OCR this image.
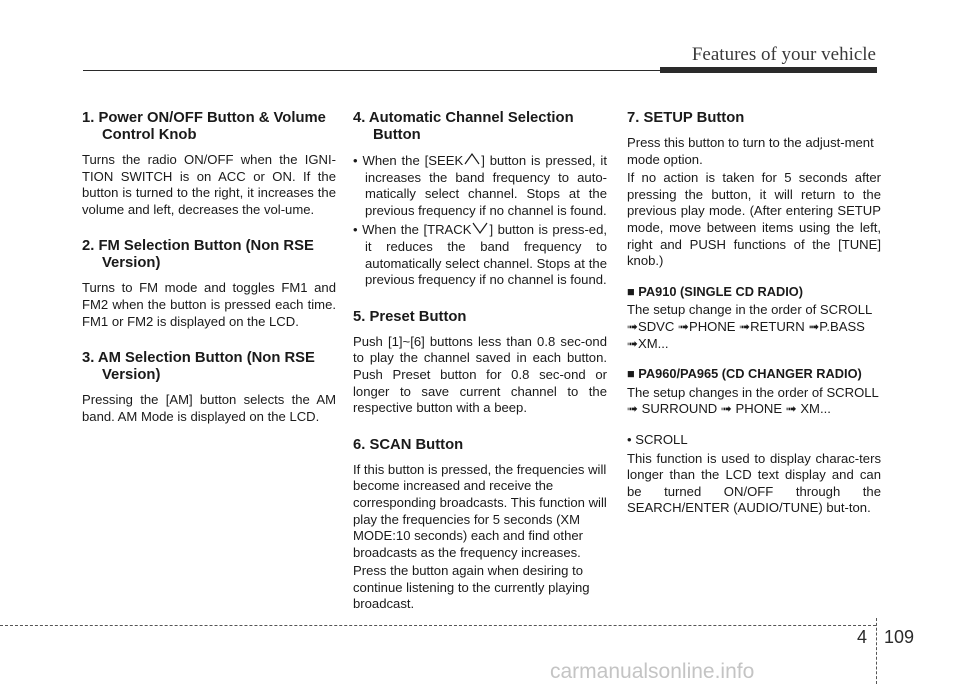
Features of your vehicle
1. Power ON/OFF Button & Volume Control Knob

Turns the radio ON/OFF when the IGNI-TION SWITCH is on ACC or ON. If the button is turned to the right, it increases the volume and left, decreases the vol-ume.

2. FM Selection Button (Non RSE Version)

Turns to FM mode and toggles FM1 and FM2 when the button is pressed each time. FM1 or FM2 is displayed on the LCD.

3. AM Selection Button (Non RSE Version)

Pressing the [AM] button selects the AM band. AM Mode is displayed on the LCD.

4. Automatic Channel Selection Button

• When the [SEEK ] button is pressed, it increases the band frequency to auto-matically select channel. Stops at the previous frequency if no channel is found.

• When the [TRACK ] button is press-ed, it reduces the band frequency to automatically select channel. Stops at the previous frequency if no channel is found.

5. Preset Button

Push [1]~[6] buttons less than 0.8 sec-ond to play the channel saved in each button. Push Preset button for 0.8 sec-ond or longer to save current channel to the respective button with a beep.

6. SCAN Button

If this button is pressed, the frequencies will become increased and receive the corresponding broadcasts. This function will play the frequencies for 5 seconds (XM MODE:10 seconds) each and find other broadcasts as the frequency increases.

Press the button again when desiring to continue listening to the currently playing broadcast.

7. SETUP Button

Press this button to turn to the adjust-ment mode option.

If no action is taken for 5 seconds after pressing the button, it will return to the previous play mode. (After entering SETUP mode, move between items using the left, right and PUSH functions of the [TUNE] knob.)

■ PA910 (SINGLE CD RADIO)

The setup change in the order of SCROLL ➟SDVC ➟PHONE ➟RETURN ➟P.BASS ➟XM...

■ PA960/PA965 (CD CHANGER RADIO)

The setup changes in the order of SCROLL ➟ SURROUND ➟ PHONE ➟ XM...

• SCROLL

This function is used to display charac-ters longer than the LCD text display and can be turned ON/OFF through the SEARCH/ENTER (AUDIO/TUNE) but-ton.

4 109
carmanualsonline.info
